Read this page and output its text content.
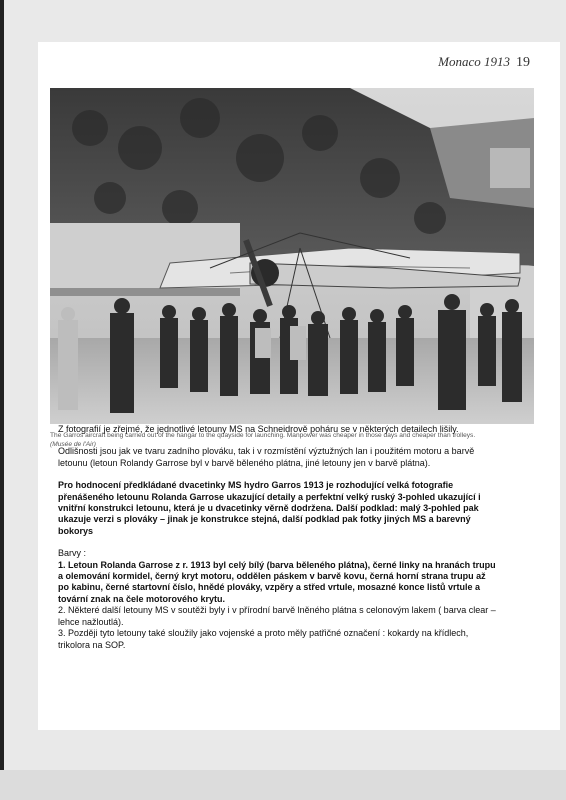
Monaco 1913 19
The Garros aircraft being carried out of the hangar to the quayside for launching. Manpower was cheaper in those days and cheaper than trolleys.
(Musée de l'Air)

Z fotografií je zřejmé, že jednotlivé letouny MS na Schneidrově poháru se v některých detailech lišily.

Odlišnosti jsou jak ve tvaru zadního plováku, tak i v rozmístění výztužných lan i použitém motoru a barvě letounu (letoun Rolandy Garrose byl v barvě běleného plátna, jiné letouny jen v barvě plátna).

Pro hodnocení předkládané dvacetinky MS hydro Garros 1913 je rozhodující velká fotografie přenášeného letounu Rolanda Garrose ukazující detaily a perfektní velký ruský 3-pohled ukazující i vnitřní konstrukci letounu, která je u dvacetinky věrně dodržena. Další podklad: malý 3-pohled pak ukazuje verzi s plováky – jinak je konstrukce stejná, další podklad pak fotky jiných MS a barevný bokorys

Barvy :
1. Letoun Rolanda Garrose z r. 1913 byl celý bílý (barva běleného plátna), černé linky na hranách trupu a olemování kormidel, černý kryt motoru, oddělen páskem v barvě kovu, černá horní strana trupu až po kabinu, černé startovní číslo, hnědé plováky, vzpěry a střed vrtule, mosazné konce listů vrtule a tovární znak na čele motorového krytu.
2. Některé další letouny MS v soutěži byly i v přírodní barvě lněného plátna s celonovým lakem ( barva clear – lehce nažloutlá).
3. Později tyto letouny také sloužily jako vojenské a proto měly patřičné označení : kokardy na křídlech, trikolora na SOP.
